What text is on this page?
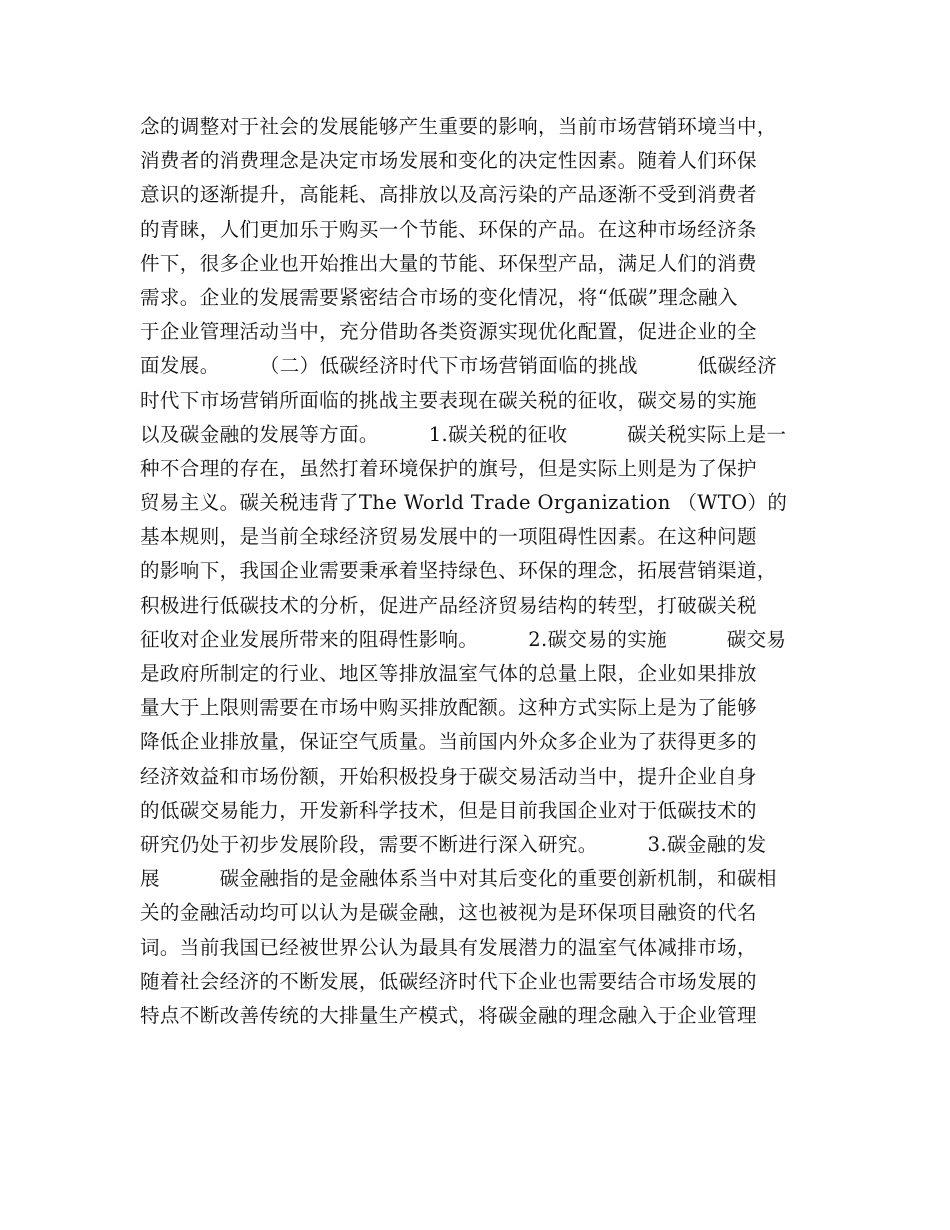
念的调整对于社会的发展能够产生重要的影响，当前市场营销环境当中，
消费者的消费理念是决定市场发展和变化的决定性因素。随着人们环保
意识的逐渐提升，高能耗、高排放以及高污染的产品逐渐不受到消费者
的青睐，人们更加乐于购买一个节能、环保的产品。在这种市场经济条
件下，很多企业也开始推出大量的节能、环保型产品，满足人们的消费
需求。企业的发展需要紧密结合市场的变化情况，将“低碳”理念融入
于企业管理活动当中，充分借助各类资源实现优化配置，促进企业的全
面发展。　　　（二）低碳经济时代下市场营销面临的挑战　　　低碳经济
时代下市场营销所面临的挑战主要表现在碳关税的征收，碳交易的实施
以及碳金融的发展等方面。　　　1.碳关税的征收　　　碳关税实际上是一
种不合理的存在，虽然打着环境保护的旗号，但是实际上则是为了保护
贸易主义。碳关税违背了The World Trade Organization （WTO）的
基本规则，是当前全球经济贸易发展中的一项阻碍性因素。在这种问题
的影响下，我国企业需要秉承着坚持绿色、环保的理念，拓展营销渠道，
积极进行低碳技术的分析，促进产品经济贸易结构的转型，打破碳关税
征收对企业发展所带来的阻碍性影响。　　　2.碳交易的实施　　　碳交易
是政府所制定的行业、地区等排放温室气体的总量上限，企业如果排放
量大于上限则需要在市场中购买排放配额。这种方式实际上是为了能够
降低企业排放量，保证空气质量。当前国内外众多企业为了获得更多的
经济效益和市场份额，开始积极投身于碳交易活动当中，提升企业自身
的低碳交易能力，开发新科学技术，但是目前我国企业对于低碳技术的
研究仍处于初步发展阶段，需要不断进行深入研究。　　　3.碳金融的发
展　　　碳金融指的是金融体系当中对其后变化的重要创新机制，和碳相
关的金融活动均可以认为是碳金融，这也被视为是环保项目融资的代名
词。当前我国已经被世界公认为最具有发展潜力的温室气体减排市场，
随着社会经济的不断发展，低碳经济时代下企业也需要结合市场发展的
特点不断改善传统的大排量生产模式，将碳金融的理念融入于企业管理
